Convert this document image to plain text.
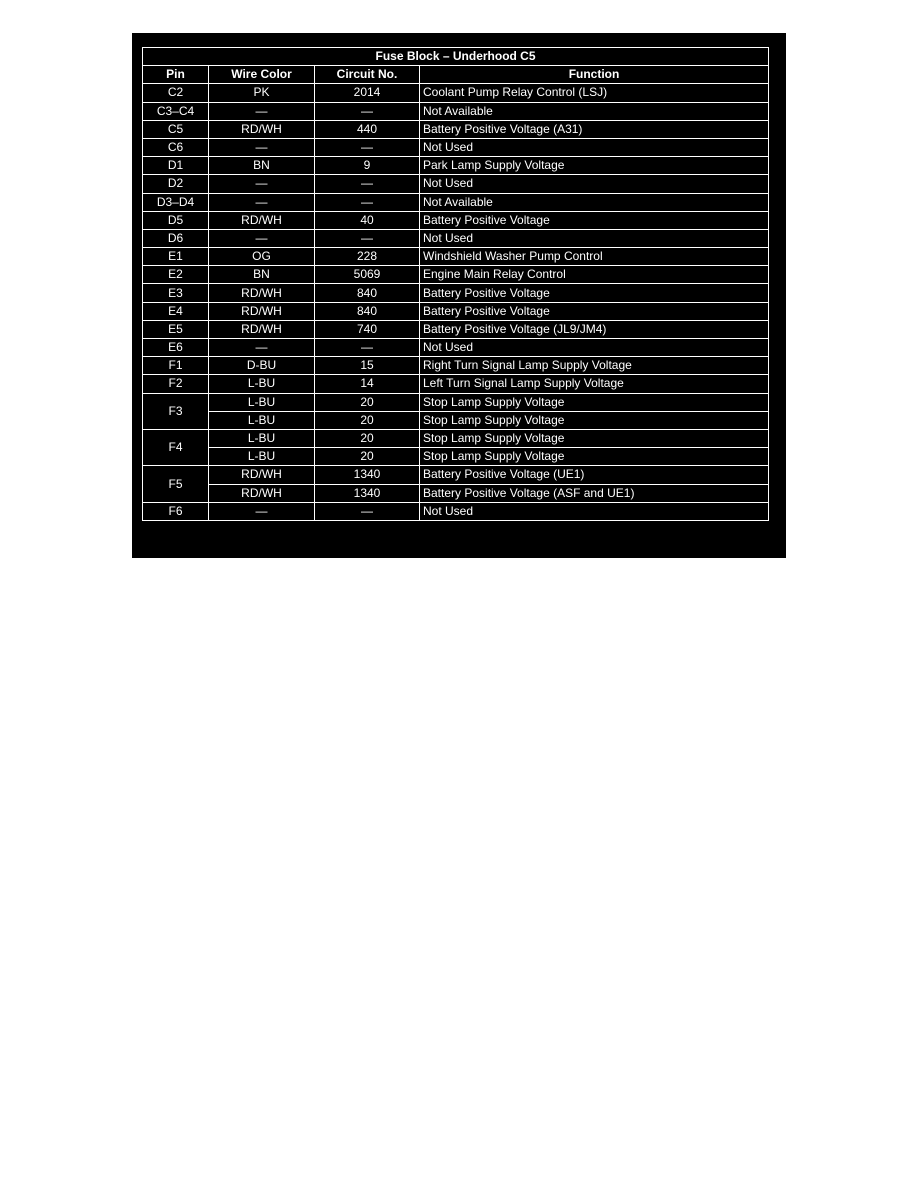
Fuse Block – Underhood C5			
Pin	Wire Color	Circuit No.	Function
C2	PK	2014	Coolant Pump Relay Control (LSJ)
C3–C4	—	—	Not Available
C5	RD/WH	440	Battery Positive Voltage (A31)
C6	—	—	Not Used
D1	BN	9	Park Lamp Supply Voltage
D2	—	—	Not Used
D3–D4	—	—	Not Available
D5	RD/WH	40	Battery Positive Voltage
D6	—	—	Not Used
E1	OG	228	Windshield Washer Pump Control
E2	BN	5069	Engine Main Relay Control
E3	RD/WH	840	Battery Positive Voltage
E4	RD/WH	840	Battery Positive Voltage
E5	RD/WH	740	Battery Positive Voltage (JL9/JM4)
E6	—	—	Not Used
F1	D-BU	15	Right Turn Signal Lamp Supply Voltage
F2	L-BU	14	Left Turn Signal Lamp Supply Voltage
F3	L-BU	20	Stop Lamp Supply Voltage
	L-BU	20	Stop Lamp Supply Voltage
F4	L-BU	20	Stop Lamp Supply Voltage
	L-BU	20	Stop Lamp Supply Voltage
F5	RD/WH	1340	Battery Positive Voltage (UE1)
	RD/WH	1340	Battery Positive Voltage (ASF and UE1)
F6	—	—	Not Used
